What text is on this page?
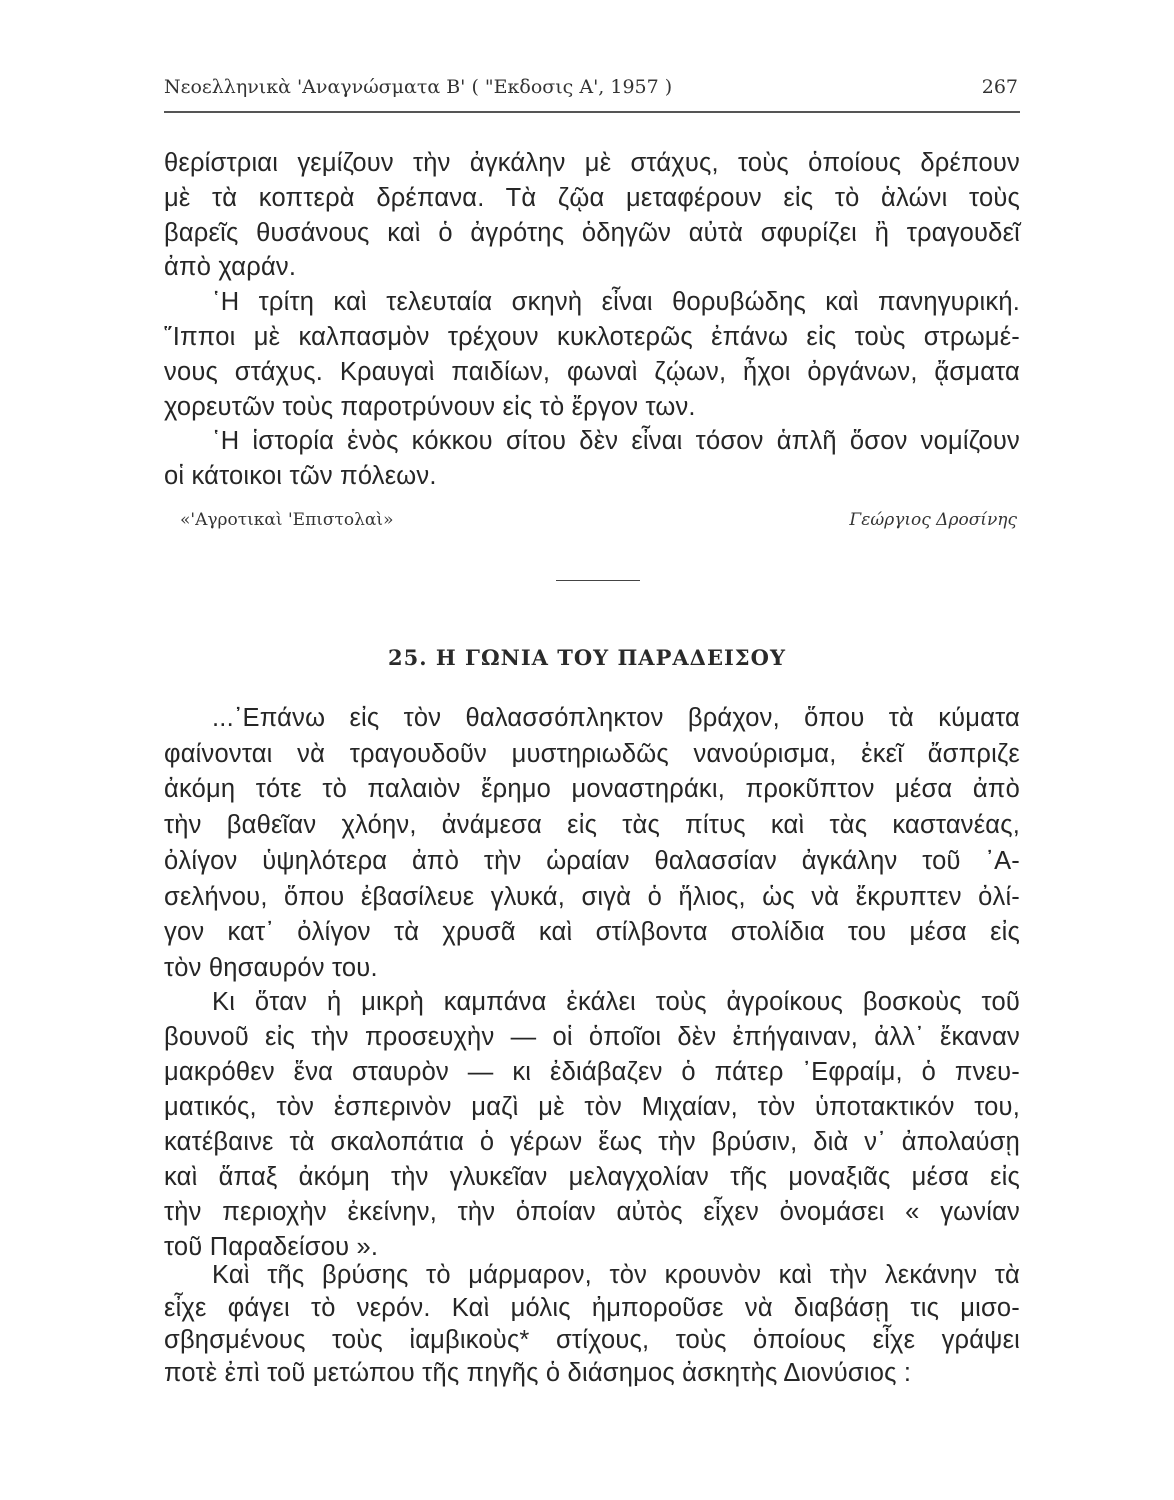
Νεοελληνικὰ 'Αναγνώσματα Β' ( "Εκδοσις Α', 1957 )	267
θερίστριαι γεμίζουν τὴν ἀγκάλην μὲ στάχυς, τοὺς ὁποίους δρέπουν
μὲ τὰ κοπτερὰ δρέπανα. Τὰ ζῷα μεταφέρουν εἰς τὸ ἁλώνι τοὺς
βαρεῖς θυσάνους καὶ ὁ ἀγρότης ὁδηγῶν αὐτὰ σφυρίζει ἢ τραγουδεῖ
ἀπὸ χαράν.
῾Η τρίτη καὶ τελευταία σκηνὴ εἶναι θορυβώδης καὶ πανηγυρική.
῞Ιπποι μὲ καλπασμὸν τρέχουν κυκλοτερῶς ἐπάνω εἰς τοὺς στρωμέ-
νους στάχυς. Κραυγαὶ παιδίων, φωναὶ ζῴων, ἦχοι ὀργάνων, ᾄσματα
χορευτῶν τοὺς παροτρύνουν εἰς τὸ ἔργον των.
῾Η ἱστορία ἑνὸς κόκκου σίτου δὲν εἶναι τόσον ἁπλῆ ὅσον νομίζουν
οἱ κάτοικοι τῶν πόλεων.
«'Αγροτικαὶ 'Επιστολαὶ»	Γεώργιος Δροσίνης
25. Η ΓΩΝΙΑ ΤΟΥ ΠΑΡΑΔΕΙΣΟΥ
...᾿Επάνω εἰς τὸν θαλασσόπληκτον βράχον, ὅπου τὰ κύματα
φαίνονται νὰ τραγουδοῦν μυστηριωδῶς νανούρισμα, ἐκεῖ ἄσπριζε
ἀκόμη τότε τὸ παλαιὸν ἔρημο μοναστηράκι, προκῦπτον μέσα ἀπὸ
τὴν βαθεῖαν χλόην, ἀνάμεσα εἰς τὰς πίτυς καὶ τὰς καστανέας,
ὀλίγον ὑψηλότερα ἀπὸ τὴν ὡραίαν θαλασσίαν ἀγκάλην τοῦ ᾿Α-
σελήνου, ὅπου ἐβασίλευε γλυκά, σιγὰ ὁ ἥλιος, ὡς νὰ ἔκρυπτεν ὀλί-
γον κατ᾿ ὀλίγον τὰ χρυσᾶ καὶ στίλβοντα στολίδια του μέσα εἰς
τὸν θησαυρόν του.
Κι ὅταν ἡ μικρὴ καμπάνα ἐκάλει τοὺς ἀγροίκους βοσκοὺς τοῦ
βουνοῦ εἰς τὴν προσευχὴν — οἱ ὁποῖοι δὲν ἐπήγαιναν, ἀλλ᾿ ἔκαναν
μακρόθεν ἕνα σταυρὸν — κι ἐδιάβαζεν ὁ πάτερ ᾿Εφραίμ, ὁ πνευ-
ματικός, τὸν ἑσπερινὸν μαζὶ μὲ τὸν Μιχαίαν, τὸν ὑποτακτικόν του,
κατέβαινε τὰ σκαλοπάτια ὁ γέρων ἕως τὴν βρύσιν, διὰ ν᾿ ἀπολαύσῃ
καὶ ἅπαξ ἀκόμη τὴν γλυκεῖαν μελαγχολίαν τῆς μοναξιᾶς μέσα εἰς
τὴν περιοχὴν ἐκείνην, τὴν ὁποίαν αὐτὸς εἶχεν ὀνομάσει « γωνίαν
τοῦ Παραδείσου ».
Καὶ τῆς βρύσης τὸ μάρμαρον, τὸν κρουνὸν καὶ τὴν λεκάνην τὰ
εἶχε φάγει τὸ νερόν. Καὶ μόλις ἠμποροῦσε νὰ διαβάσῃ τις μισο-
σβησμένους τοὺς ἰαμβικοὺς* στίχους, τοὺς ὁποίους εἶχε γράψει
ποτὲ ἐπὶ τοῦ μετώπου τῆς πηγῆς ὁ διάσημος ἀσκητὴς Διονύσιος :
